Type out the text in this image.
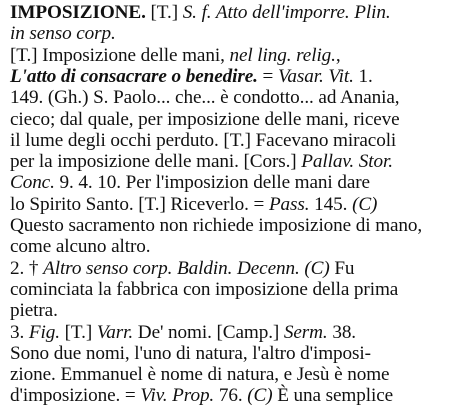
IMPOSIZIONE. [T.] S. f. Atto dell'imporre. Plin.
in senso corp.
[T.] Imposizione delle mani, nel ling. relig.,
L'atto di consacrare o benedire. = Vasar. Vit. 1.
149. (Gh.) S. Paolo... che... è condotto... ad Anania,
cieco; dal quale, per imposizione delle mani, riceve
il lume degli occhi perduto. [T.] Facevano miracoli
per la imposizione delle mani. [Cors.] Pallav. Stor.
Conc. 9. 4. 10. Per l'imposizion delle mani dare
lo Spirito Santo. [T.] Riceverlo. = Pass. 145. (C)
Questo sacramento non richiede imposizione di mano,
come alcuno altro.
2. † Altro senso corp. Baldin. Decenn. (C) Fu
cominciata la fabbrica con imposizione della prima
pietra.
3. Fig. [T.] Varr. De' nomi. [Camp.] Serm. 38.
Sono due nomi, l'uno di natura, l'altro d'imposi-
zione. Emmanuel è nome di natura, e Jesù è nome
d'imposizione. = Viv. Prop. 76. (C) È una semplice
